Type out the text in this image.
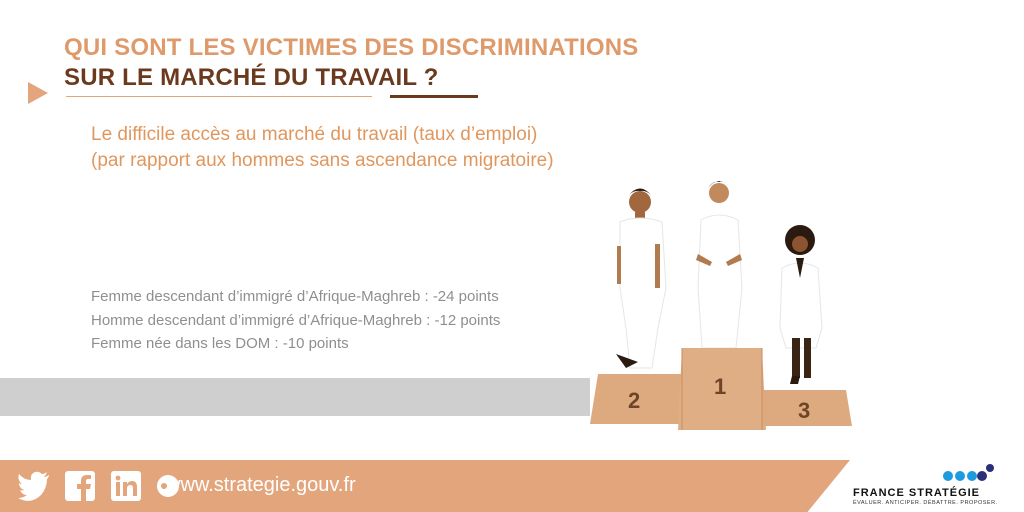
QUI SONT LES VICTIMES DES DISCRIMINATIONS
SUR LE MARCHÉ DU TRAVAIL ?
Le difficile accès au marché du travail (taux d’emploi)
(par rapport aux hommes sans ascendance migratoire)
Femme descendant d’immigré d’Afrique-Maghreb : -24 points
Homme descendant d’immigré d’Afrique-Maghreb : -12 points
Femme née dans les DOM : -10 points
2
1
3
www.strategie.gouv.fr	FRANCE STRATÉGIE
ÉVALUER. ANTICIPER. DÉBATTRE. PROPOSER.
